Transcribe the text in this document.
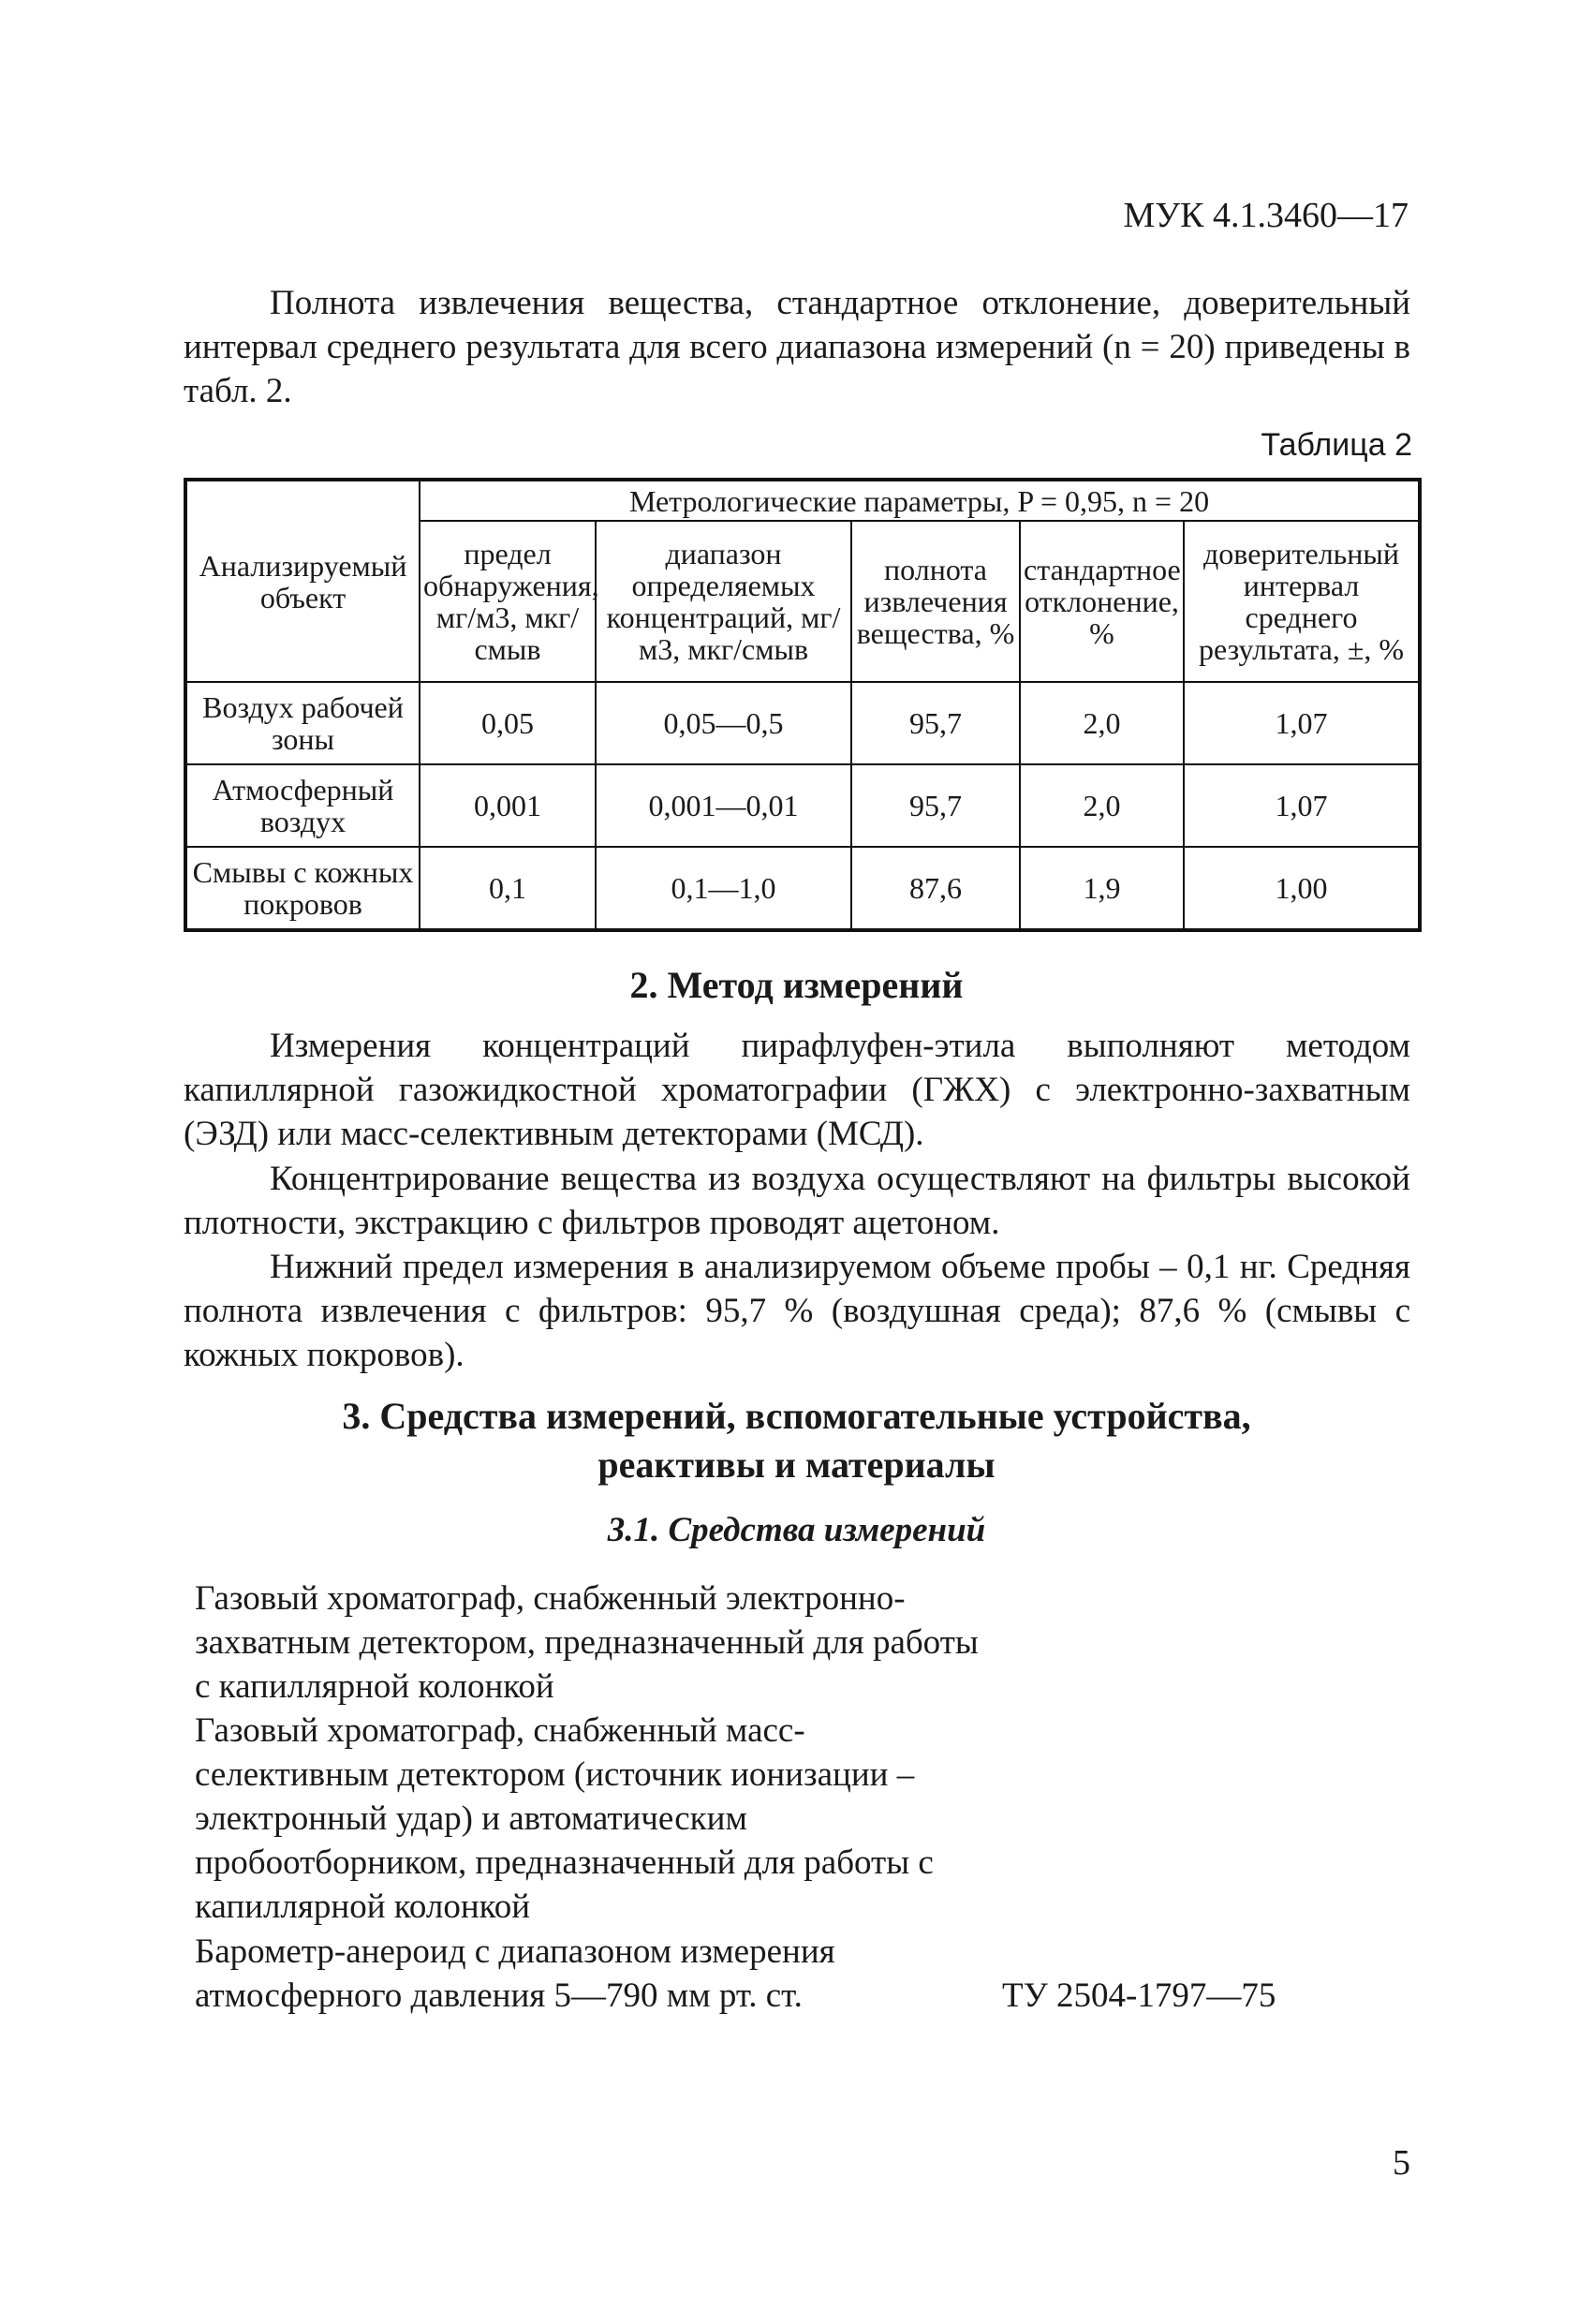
МУК 4.1.3460—17
Полнота извлечения вещества, стандартное отклонение, доверительный интервал среднего результата для всего диапазона измерений (n = 20) приведены в табл. 2.
Таблица 2
Анализируемый объект	Метрологические параметры, P = 0,95, n = 20				
	предел обнаружения, мг/м3, мкг/смыв	диапазон определяемых концентраций, мг/м3, мкг/смыв	полнота извлечения вещества, %	стандартное отклонение, %	доверительный интервал среднего результата, ±, %
Воздух рабочей зоны	0,05	0,05—0,5	95,7	2,0	1,07
Атмосферный воздух	0,001	0,001—0,01	95,7	2,0	1,07
Смывы с кожных покровов	0,1	0,1—1,0	87,6	1,9	1,00
2. Метод измерений
Измерения концентраций пирафлуфен-этила выполняют методом капиллярной газожидкостной хроматографии (ГЖХ) с электронно-захватным (ЭЗД) или масс-селективным детекторами (МСД).
Концентрирование вещества из воздуха осуществляют на фильтры высокой плотности, экстракцию с фильтров проводят ацетоном.
Нижний предел измерения в анализируемом объеме пробы – 0,1 нг. Средняя полнота извлечения с фильтров: 95,7 % (воздушная среда); 87,6 % (смывы с кожных покровов).
3. Средства измерений, вспомогательные устройства,
реактивы и материалы
3.1. Средства измерений
Газовый хроматограф, снабженный электронно-захватным детектором, предназначенный для работы с капиллярной колонкой
Газовый хроматограф, снабженный масс-селективным детектором (источник ионизации – электронный удар) и автоматическим пробоотборником, предназначенный для работы с капиллярной колонкой
Барометр-анероид с диапазоном измерения атмосферного давления 5—790 мм рт. ст.	ТУ 2504-1797—75
5
